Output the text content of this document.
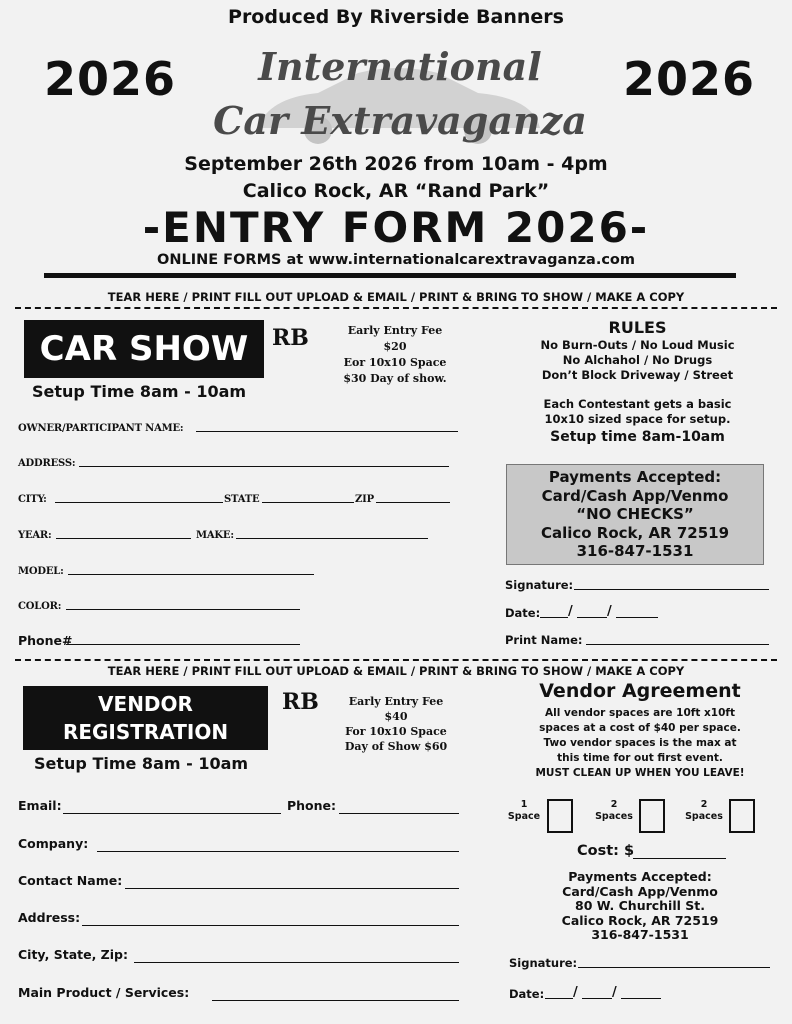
Produced By Riverside Banners
2026	2026
International
Car Extravaganza
September 26th 2026 from 10am - 4pm
Calico Rock, AR “Rand Park”
-ENTRY FORM 2026-
ONLINE FORMS at www.internationalcarextravaganza.com
TEAR HERE / PRINT FILL OUT UPLOAD & EMAIL / PRINT & BRING TO SHOW / MAKE A COPY
CAR SHOW	RB
Setup Time 8am - 10am
Early Entry Fee
$20
Eor 10x10 Space
$30 Day of show.
OWNER/PARTICIPANT NAME:
ADDRESS:
CITY:	STATE	ZIP
YEAR:	MAKE:
MODEL:
COLOR:
Phone#
RULES
No Burn-Outs / No Loud Music
No Alchahol / No Drugs
Don’t Block Driveway / Street
Each Contestant gets a basic
10x10 sized space for setup.
Setup time 8am-10am
Payments Accepted:
Card/Cash App/Venmo
“NO CHECKS”
Calico Rock, AR 72519
316-847-1531
Signature:
Date: /	/
Print Name:
TEAR HERE / PRINT FILL OUT UPLOAD & EMAIL / PRINT & BRING TO SHOW / MAKE A COPY
VENDOR
REGISTRATION
RB
Setup Time 8am - 10am
Early Entry Fee
$40
For 10x10 Space
Day of Show $60
Email:	Phone:
Company:
Contact Name:
Address:
City, State, Zip:
Main Product / Services:
Vendor Agreement
All vendor spaces are 10ft x10ft
spaces at a cost of $40 per space.
Two vendor spaces is the max at
this time for out first event.
MUST CLEAN UP WHEN YOU LEAVE!
1
Space
2
Spaces
2
Spaces
Cost: $
Payments Accepted:
Card/Cash App/Venmo
80 W. Churchill St.
Calico Rock, AR 72519
316-847-1531
Signature:
Date: /	/
